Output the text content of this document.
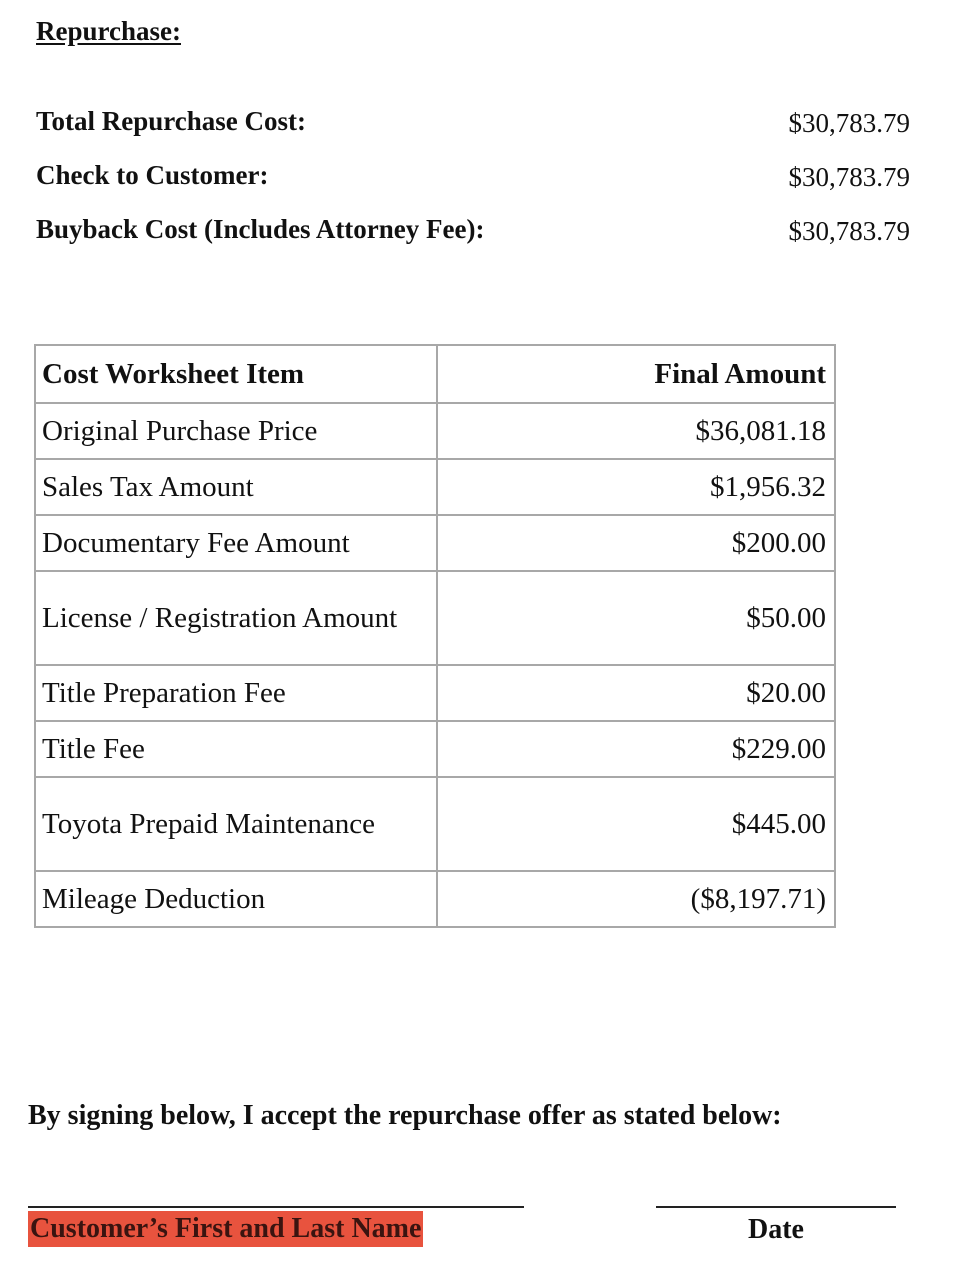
Repurchase:
Total Repurchase Cost:	$30,783.79
Check to Customer:	$30,783.79
Buyback Cost (Includes Attorney Fee):	$30,783.79
Cost Worksheet Item	Final Amount
Original Purchase Price	$36,081.18
Sales Tax Amount	$1,956.32
Documentary Fee Amount	$200.00
License / Registration Amount	$50.00
Title Preparation Fee	$20.00
Title Fee	$229.00
Toyota Prepaid Maintenance	$445.00
Mileage Deduction	($8,197.71)
By signing below, I accept the repurchase offer as stated below:
Customer’s First and Last Name	Date
